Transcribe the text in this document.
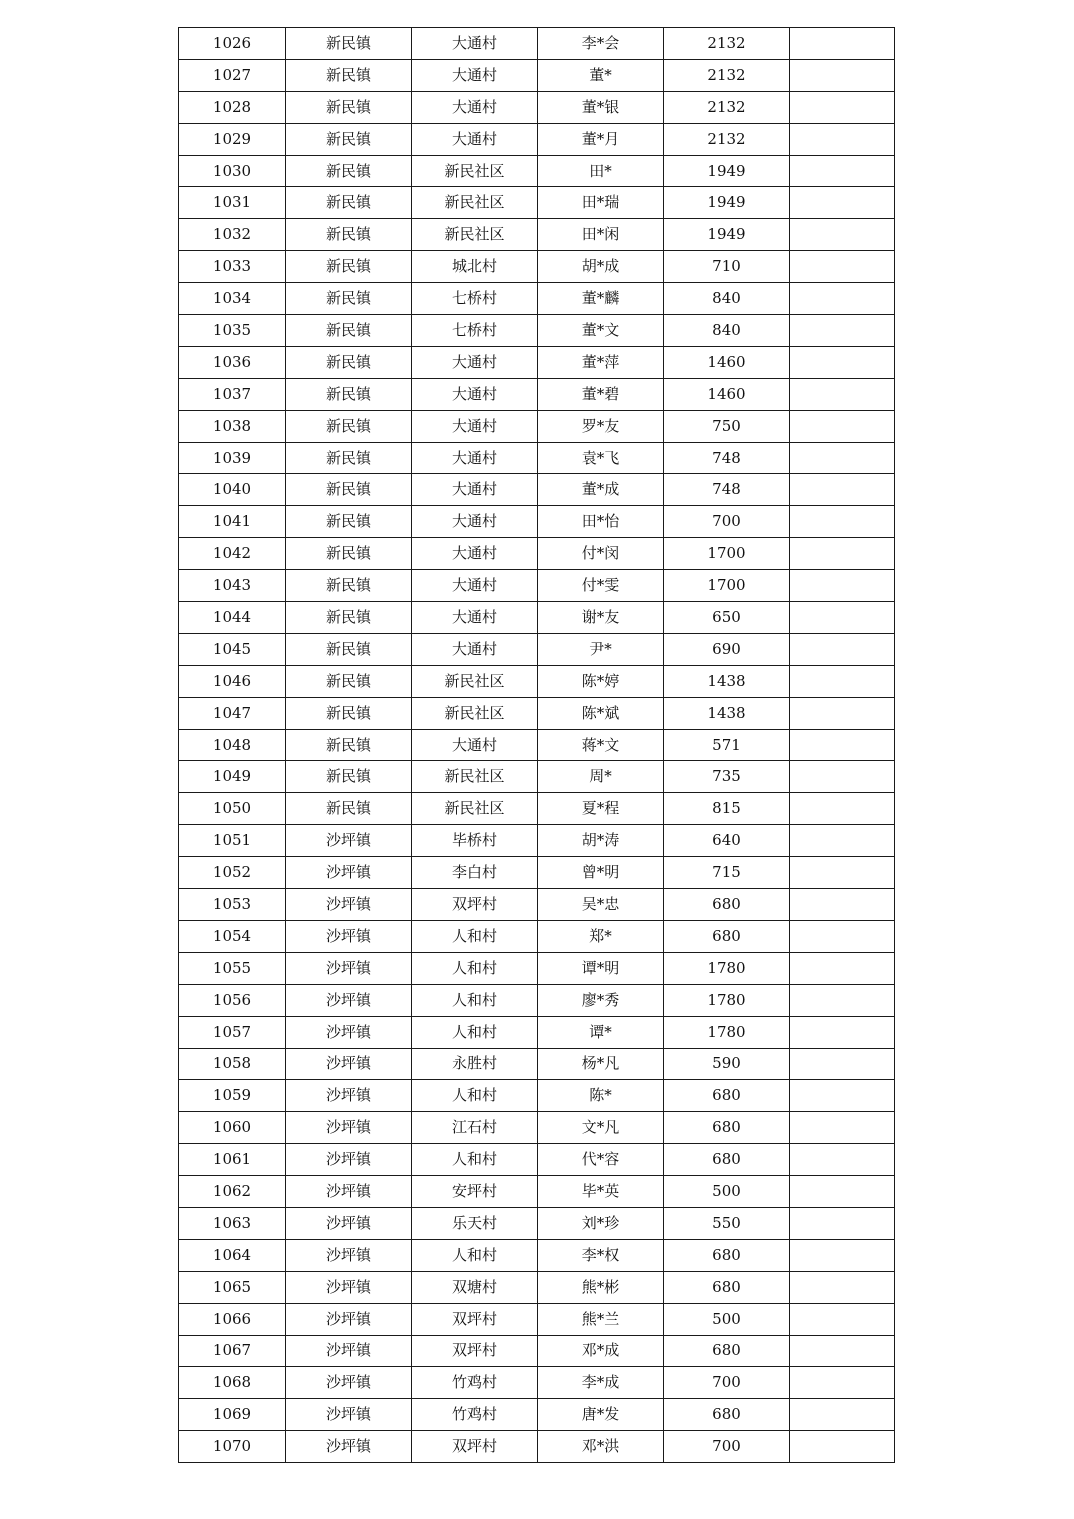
1026	新民镇	大通村	李*会	2132	
1027	新民镇	大通村	董*	2132	
1028	新民镇	大通村	董*银	2132	
1029	新民镇	大通村	董*月	2132	
1030	新民镇	新民社区	田*	1949	
1031	新民镇	新民社区	田*瑞	1949	
1032	新民镇	新民社区	田*闲	1949	
1033	新民镇	城北村	胡*成	710	
1034	新民镇	七桥村	董*麟	840	
1035	新民镇	七桥村	董*文	840	
1036	新民镇	大通村	董*萍	1460	
1037	新民镇	大通村	董*碧	1460	
1038	新民镇	大通村	罗*友	750	
1039	新民镇	大通村	袁*飞	748	
1040	新民镇	大通村	董*成	748	
1041	新民镇	大通村	田*怡	700	
1042	新民镇	大通村	付*闵	1700	
1043	新民镇	大通村	付*雯	1700	
1044	新民镇	大通村	谢*友	650	
1045	新民镇	大通村	尹*	690	
1046	新民镇	新民社区	陈*婷	1438	
1047	新民镇	新民社区	陈*斌	1438	
1048	新民镇	大通村	蒋*文	571	
1049	新民镇	新民社区	周*	735	
1050	新民镇	新民社区	夏*程	815	
1051	沙坪镇	毕桥村	胡*涛	640	
1052	沙坪镇	李白村	曾*明	715	
1053	沙坪镇	双坪村	吴*忠	680	
1054	沙坪镇	人和村	郑*	680	
1055	沙坪镇	人和村	谭*明	1780	
1056	沙坪镇	人和村	廖*秀	1780	
1057	沙坪镇	人和村	谭*	1780	
1058	沙坪镇	永胜村	杨*凡	590	
1059	沙坪镇	人和村	陈*	680	
1060	沙坪镇	江石村	文*凡	680	
1061	沙坪镇	人和村	代*容	680	
1062	沙坪镇	安坪村	毕*英	500	
1063	沙坪镇	乐天村	刘*珍	550	
1064	沙坪镇	人和村	李*权	680	
1065	沙坪镇	双塘村	熊*彬	680	
1066	沙坪镇	双坪村	熊*兰	500	
1067	沙坪镇	双坪村	邓*成	680	
1068	沙坪镇	竹鸡村	李*成	700	
1069	沙坪镇	竹鸡村	唐*发	680	
1070	沙坪镇	双坪村	邓*洪	700	
